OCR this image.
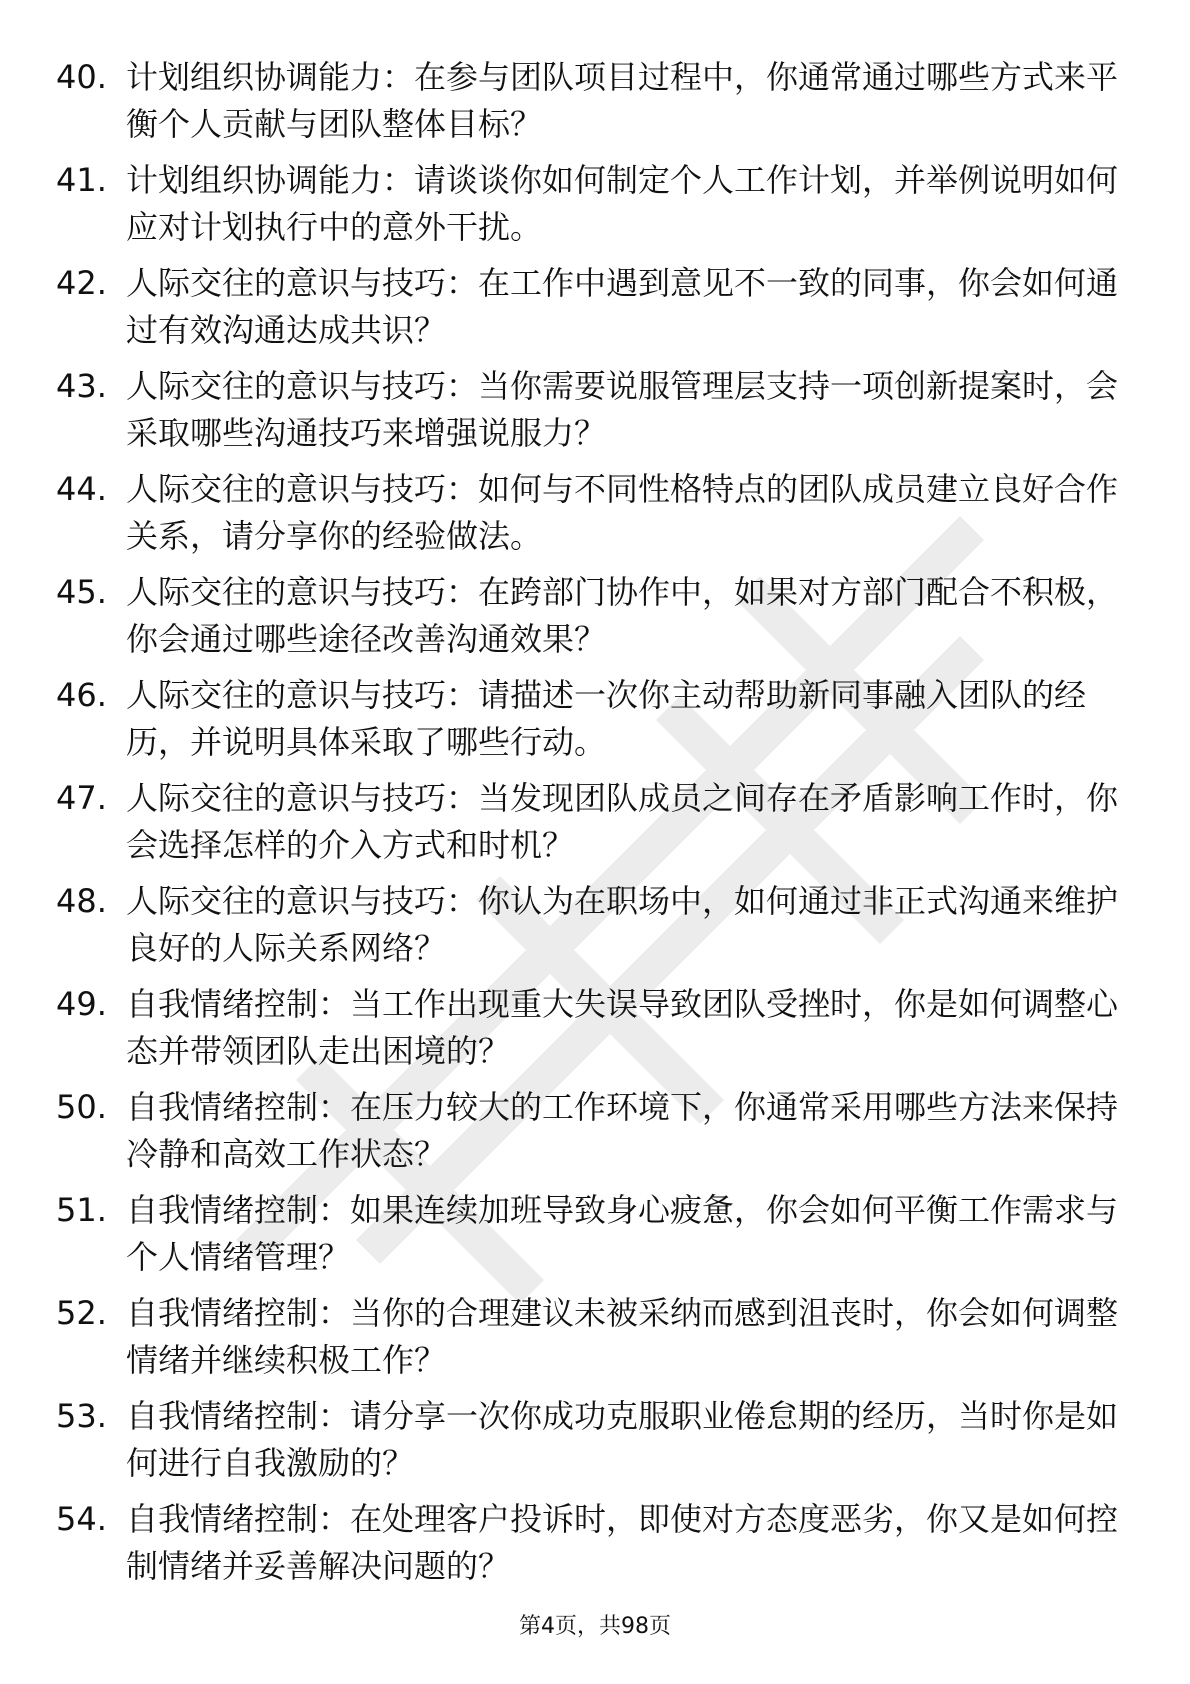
40. 计划组织协调能力：在参与团队项目过程中，你通常通过哪些方式来平衡个人贡献与团队整体目标？
41. 计划组织协调能力：请谈谈你如何制定个人工作计划，并举例说明如何应对计划执行中的意外干扰。
42. 人际交往的意识与技巧：在工作中遇到意见不一致的同事，你会如何通过有效沟通达成共识？
43. 人际交往的意识与技巧：当你需要说服管理层支持一项创新提案时，会采取哪些沟通技巧来增强说服力？
44. 人际交往的意识与技巧：如何与不同性格特点的团队成员建立良好合作关系，请分享你的经验做法。
45. 人际交往的意识与技巧：在跨部门协作中，如果对方部门配合不积极，你会通过哪些途径改善沟通效果？
46. 人际交往的意识与技巧：请描述一次你主动帮助新同事融入团队的经历，并说明具体采取了哪些行动。
47. 人际交往的意识与技巧：当发现团队成员之间存在矛盾影响工作时，你会选择怎样的介入方式和时机？
48. 人际交往的意识与技巧：你认为在职场中，如何通过非正式沟通来维护良好的人际关系网络？
49. 自我情绪控制：当工作出现重大失误导致团队受挫时，你是如何调整心态并带领团队走出困境的？
50. 自我情绪控制：在压力较大的工作环境下，你通常采用哪些方法来保持冷静和高效工作状态？
51. 自我情绪控制：如果连续加班导致身心疲惫，你会如何平衡工作需求与个人情绪管理？
52. 自我情绪控制：当你的合理建议未被采纳而感到沮丧时，你会如何调整情绪并继续积极工作？
53. 自我情绪控制：请分享一次你成功克服职业倦怠期的经历，当时你是如何进行自我激励的？
54. 自我情绪控制：在处理客户投诉时，即使对方态度恶劣，你又是如何控制情绪并妥善解决问题的？
第4页，共98页
